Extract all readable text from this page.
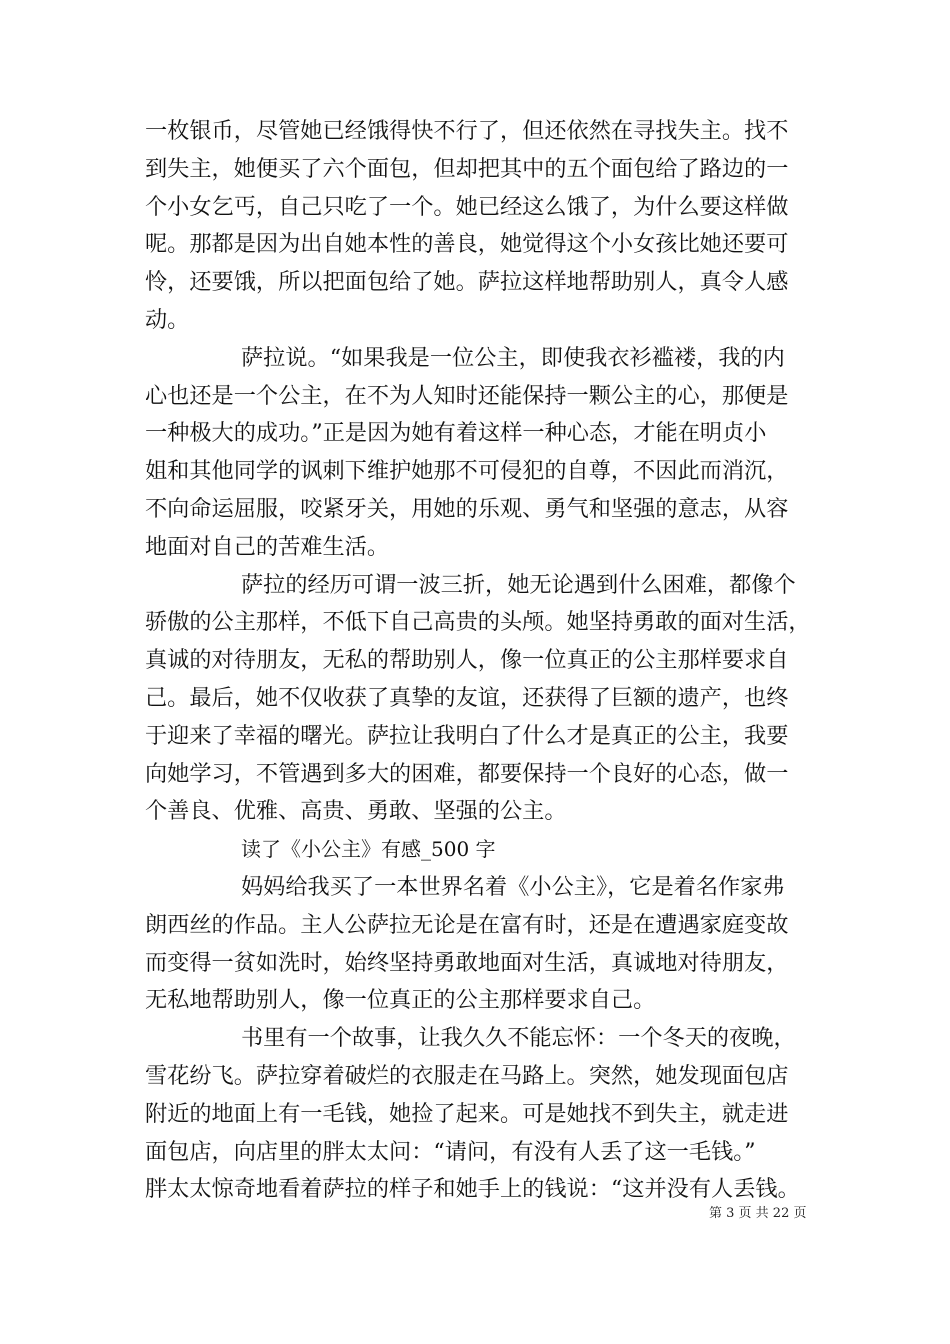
一枚银币，尽管她已经饿得快不行了，但还依然在寻找失主。找不
到失主，她便买了六个面包，但却把其中的五个面包给了路边的一
个小女乞丐，自己只吃了一个。她已经这么饿了，为什么要这样做
呢。那都是因为出自她本性的善良，她觉得这个小女孩比她还要可
怜，还要饿，所以把面包给了她。萨拉这样地帮助别人，真令人感
动。
萨拉说。“如果我是一位公主，即使我衣衫褴褛，我的内
心也还是一个公主，在不为人知时还能保持一颗公主的心，那便是
一种极大的成功。”正是因为她有着这样一种心态，才能在明贞小
姐和其他同学的讽刺下维护她那不可侵犯的自尊，不因此而消沉，
不向命运屈服，咬紧牙关，用她的乐观、勇气和坚强的意志，从容
地面对自己的苦难生活。
萨拉的经历可谓一波三折，她无论遇到什么困难，都像个
骄傲的公主那样，不低下自己高贵的头颅。她坚持勇敢的面对生活，
真诚的对待朋友，无私的帮助别人，像一位真正的公主那样要求自
己。最后，她不仅收获了真挚的友谊，还获得了巨额的遗产，也终
于迎来了幸福的曙光。萨拉让我明白了什么才是真正的公主，我要
向她学习，不管遇到多大的困难，都要保持一个良好的心态，做一
个善良、优雅、高贵、勇敢、坚强的公主。
读了《小公主》有感_500 字
妈妈给我买了一本世界名着《小公主》，它是着名作家弗
朗西丝的作品。主人公萨拉无论是在富有时，还是在遭遇家庭变故
而变得一贫如洗时，始终坚持勇敢地面对生活，真诚地对待朋友，
无私地帮助别人，像一位真正的公主那样要求自己。
书里有一个故事，让我久久不能忘怀：一个冬天的夜晚，
雪花纷飞。萨拉穿着破烂的衣服走在马路上。突然，她发现面包店
附近的地面上有一毛钱，她捡了起来。可是她找不到失主，就走进
面包店，向店里的胖太太问：“请问，有没有人丢了这一毛钱。”
胖太太惊奇地看着萨拉的样子和她手上的钱说：“这并没有人丢钱。
第 3 页 共 22 页
